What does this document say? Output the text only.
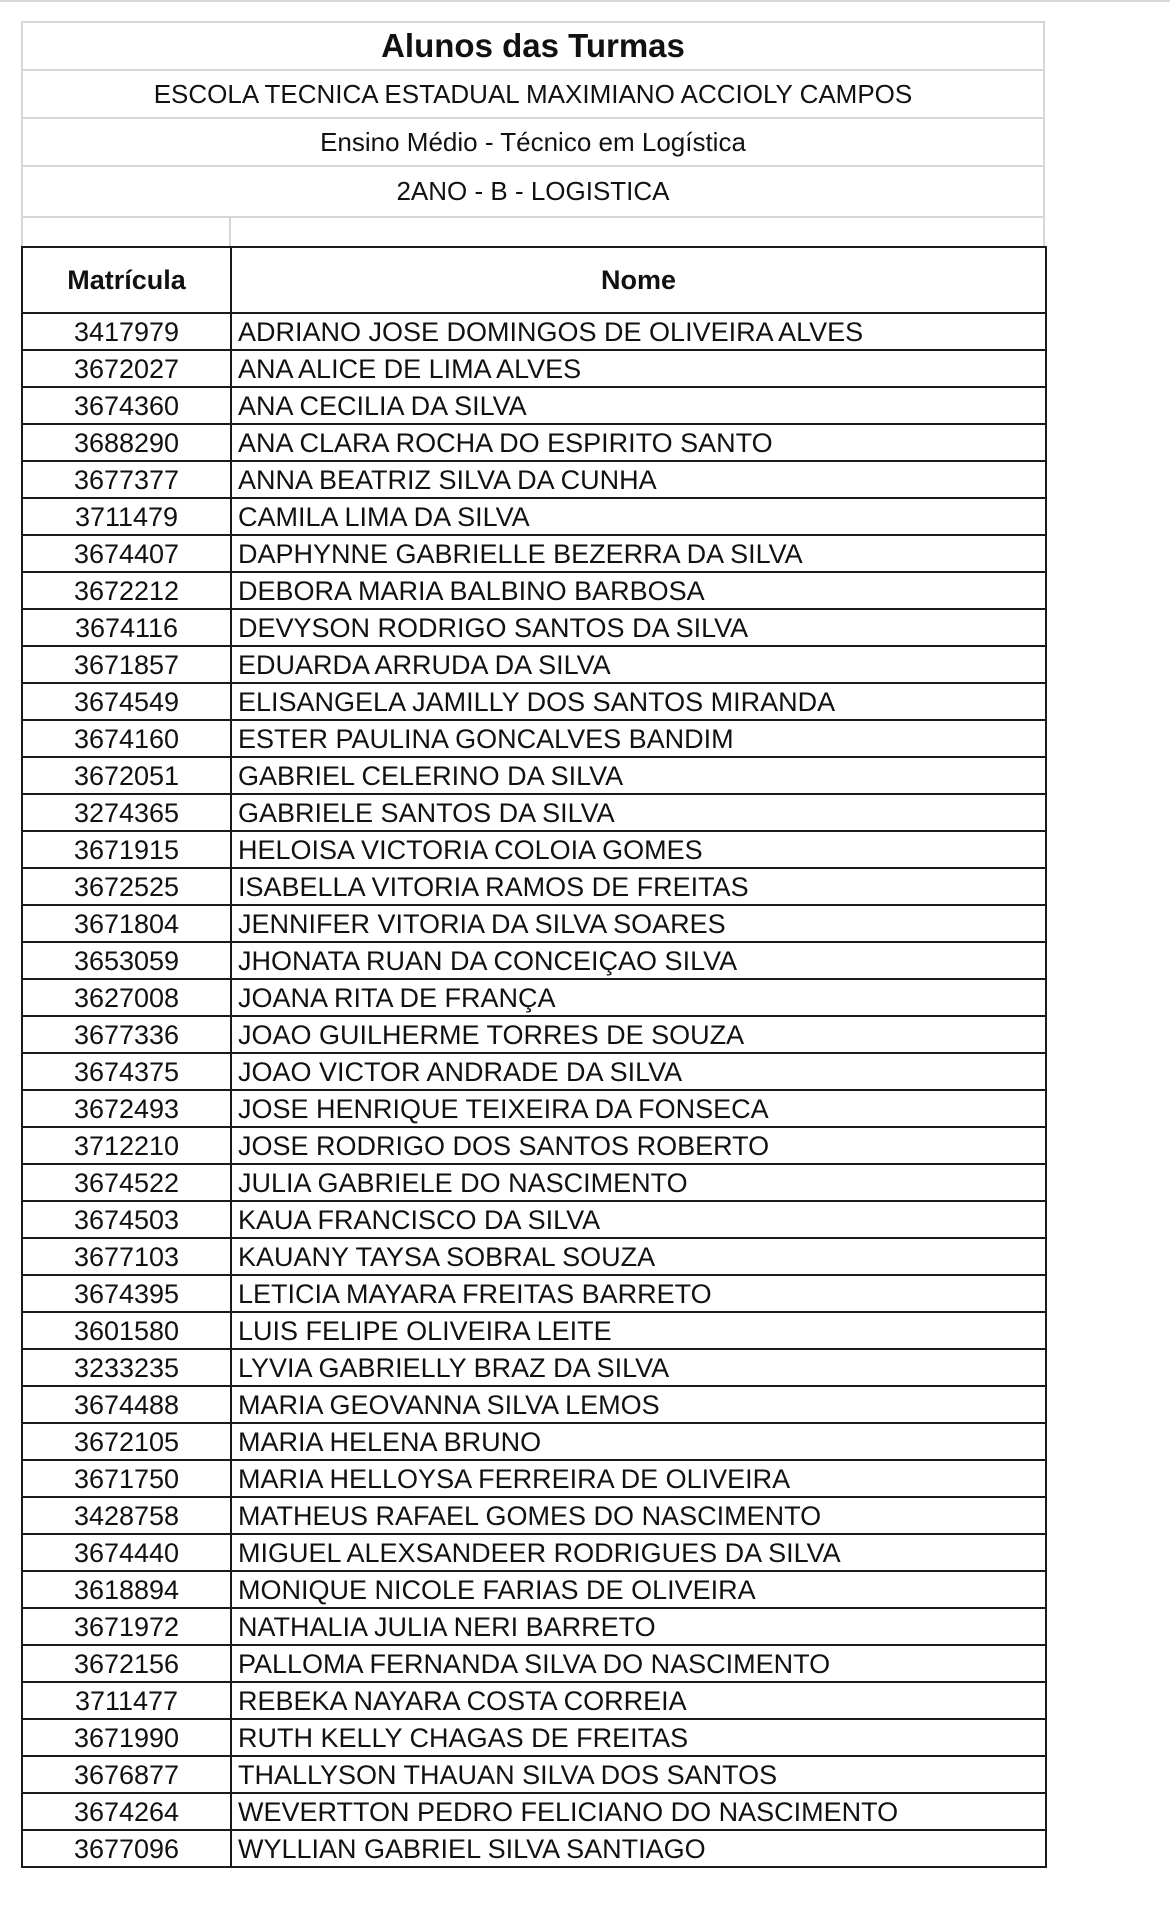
Alunos das Turmas
ESCOLA TECNICA ESTADUAL MAXIMIANO ACCIOLY CAMPOS
Ensino Médio - Técnico em Logística
2ANO - B - LOGISTICA
Matrícula	Nome
3417979	ADRIANO JOSE DOMINGOS DE OLIVEIRA ALVES
3672027	ANA ALICE DE LIMA ALVES
3674360	ANA CECILIA DA SILVA
3688290	ANA CLARA ROCHA DO ESPIRITO SANTO
3677377	ANNA BEATRIZ SILVA DA CUNHA
3711479	CAMILA LIMA DA SILVA
3674407	DAPHYNNE GABRIELLE BEZERRA DA SILVA
3672212	DEBORA MARIA BALBINO BARBOSA
3674116	DEVYSON RODRIGO SANTOS DA SILVA
3671857	EDUARDA ARRUDA DA SILVA
3674549	ELISANGELA JAMILLY DOS SANTOS MIRANDA
3674160	ESTER PAULINA GONCALVES BANDIM
3672051	GABRIEL CELERINO DA SILVA
3274365	GABRIELE SANTOS DA SILVA
3671915	HELOISA VICTORIA COLOIA GOMES
3672525	ISABELLA VITORIA RAMOS DE FREITAS
3671804	JENNIFER VITORIA DA SILVA SOARES
3653059	JHONATA RUAN DA CONCEIÇAO SILVA
3627008	JOANA RITA DE FRANÇA
3677336	JOAO GUILHERME TORRES DE SOUZA
3674375	JOAO VICTOR ANDRADE DA SILVA
3672493	JOSE HENRIQUE TEIXEIRA DA FONSECA
3712210	JOSE RODRIGO DOS SANTOS ROBERTO
3674522	JULIA GABRIELE DO NASCIMENTO
3674503	KAUA FRANCISCO DA SILVA
3677103	KAUANY TAYSA SOBRAL SOUZA
3674395	LETICIA MAYARA FREITAS BARRETO
3601580	LUIS FELIPE OLIVEIRA LEITE
3233235	LYVIA GABRIELLY BRAZ DA SILVA
3674488	MARIA GEOVANNA SILVA LEMOS
3672105	MARIA HELENA BRUNO
3671750	MARIA HELLOYSA FERREIRA DE OLIVEIRA
3428758	MATHEUS RAFAEL GOMES DO NASCIMENTO
3674440	MIGUEL ALEXSANDEER RODRIGUES DA SILVA
3618894	MONIQUE NICOLE FARIAS DE OLIVEIRA
3671972	NATHALIA JULIA NERI BARRETO
3672156	PALLOMA FERNANDA SILVA DO NASCIMENTO
3711477	REBEKA NAYARA COSTA CORREIA
3671990	RUTH KELLY CHAGAS DE FREITAS
3676877	THALLYSON THAUAN SILVA DOS SANTOS
3674264	WEVERTTON PEDRO FELICIANO DO NASCIMENTO
3677096	WYLLIAN GABRIEL SILVA SANTIAGO
